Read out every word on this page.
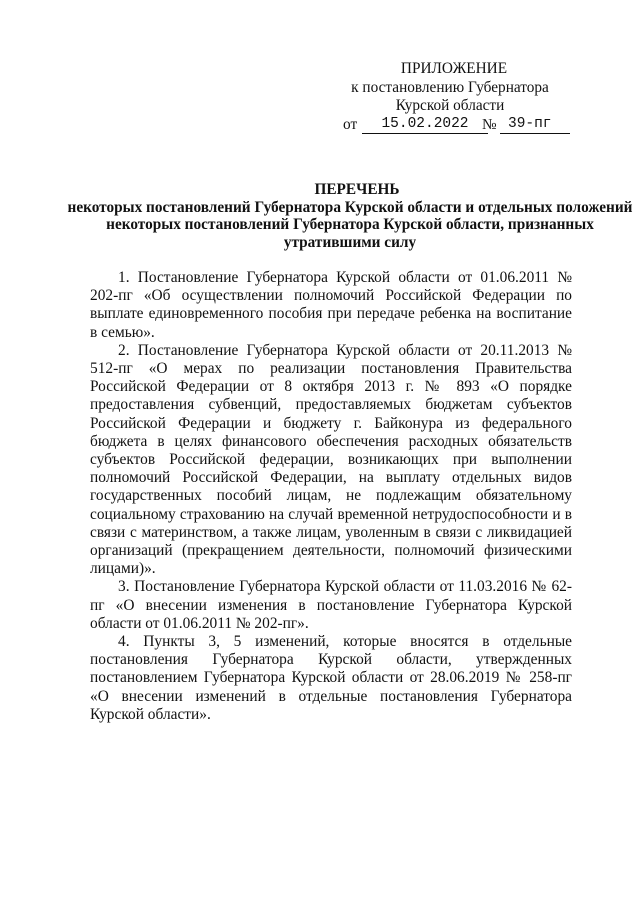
ПРИЛОЖЕНИЕ
к постановлению Губернатора
Курской области
от	15.02.2022 № 39-пг
ПЕРЕЧЕНЬ
некоторых постановлений Губернатора Курской области и отдельных положений некоторых постановлений Губернатора Курской области, признанных утратившими силу

1. Постановление Губернатора Курской области от 01.06.2011 № 202-пг «Об осуществлении полномочий Российской Федерации по выплате единовременного пособия при передаче ребенка на воспитание в семью».

2. Постановление Губернатора Курской области от 20.11.2013 № 512-пг «О мерах по реализации постановления Правительства Российской Федерации от 8 октября 2013 г. № 893 «О порядке предоставления субвенций, предоставляемых бюджетам субъектов Российской Федерации и бюджету г. Байконура из федерального бюджета в целях финансового обеспечения расходных обязательств субъектов Российской федерации, возникающих при выполнении полномочий Российской Федерации, на выплату отдельных видов государственных пособий лицам, не подлежащим обязательному социальному страхованию на случай временной нетрудоспособности и в связи с материнством, а также лицам, уволенным в связи с ликвидацией организаций (прекращением деятельности, полномочий физическими лицами)».

3. Постановление Губернатора Курской области от 11.03.2016 № 62-пг «О внесении изменения в постановление Губернатора Курской области от 01.06.2011 № 202-пг».

4. Пункты 3, 5 изменений, которые вносятся в отдельные постановления Губернатора Курской области, утвержденных постановлением Губернатора Курской области от 28.06.2019 № 258-пг «О внесении изменений в отдельные постановления Губернатора Курской области».
